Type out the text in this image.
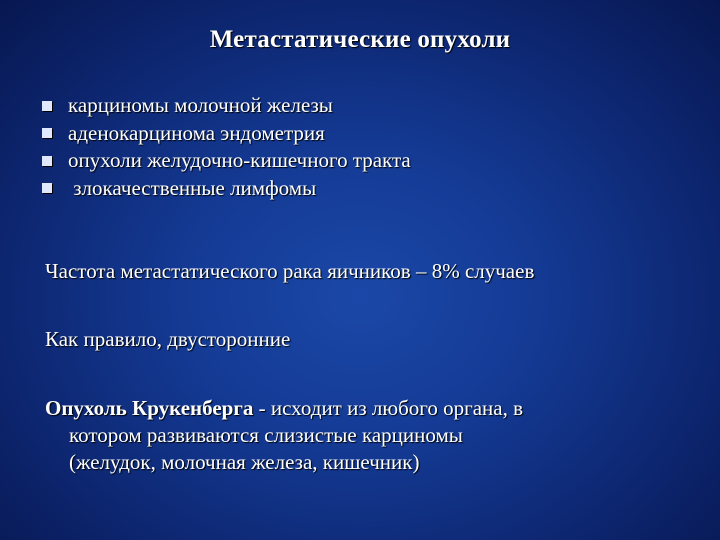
Метастатические опухоли
карциномы молочной железы
аденокарцинома эндометрия
опухоли желудочно-кишечного тракта
злокачественные лимфомы
Частота метастатического рака яичников – 8% случаев
Как правило, двусторонние
Опухоль Крукенберга - исходит из любого органа, в
котором развиваются слизистые карциномы
(желудок, молочная железа, кишечник)
